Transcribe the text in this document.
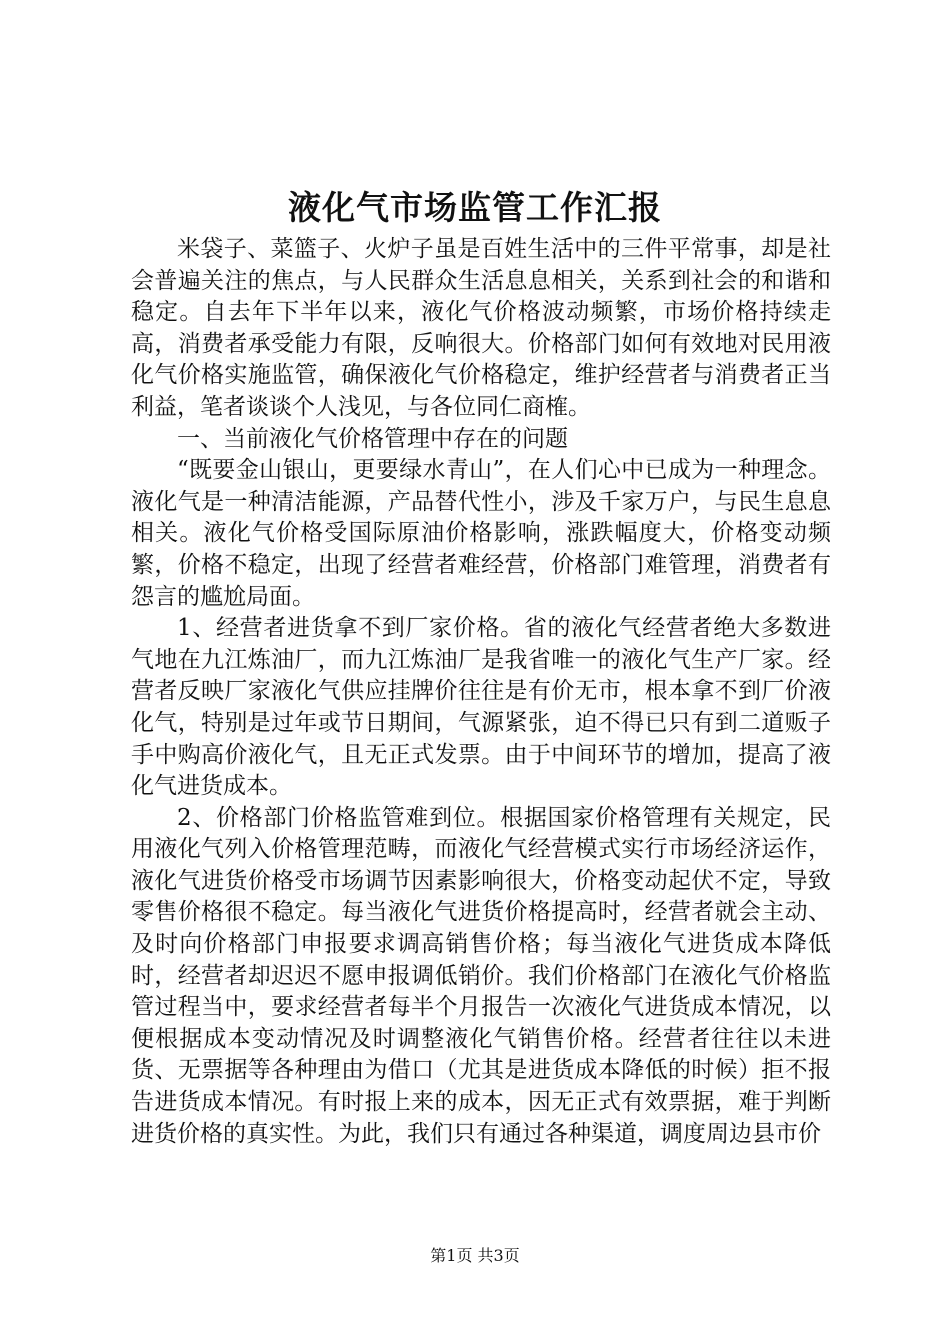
液化气市场监管工作汇报

米袋子、菜篮子、火炉子虽是百姓生活中的三件平常事，却是社会普遍关注的焦点，与人民群众生活息息相关，关系到社会的和谐和稳定。自去年下半年以来，液化气价格波动频繁，市场价格持续走高，消费者承受能力有限，反响很大。价格部门如何有效地对民用液化气价格实施监管，确保液化气价格稳定，维护经营者与消费者正当利益，笔者谈谈个人浅见，与各位同仁商榷。

一、当前液化气价格管理中存在的问题

“既要金山银山，更要绿水青山”，在人们心中已成为一种理念。液化气是一种清洁能源，产品替代性小，涉及千家万户，与民生息息相关。液化气价格受国际原油价格影响，涨跌幅度大，价格变动频繁，价格不稳定，出现了经营者难经营，价格部门难管理，消费者有怨言的尴尬局面。

1、经营者进货拿不到厂家价格。省的液化气经营者绝大多数进气地在九江炼油厂，而九江炼油厂是我省唯一的液化气生产厂家。经营者反映厂家液化气供应挂牌价往往是有价无市，根本拿不到厂价液化气，特别是过年或节日期间，气源紧张，迫不得已只有到二道贩子手中购高价液化气，且无正式发票。由于中间环节的增加，提高了液化气进货成本。

2、价格部门价格监管难到位。根据国家价格管理有关规定，民用液化气列入价格管理范畴，而液化气经营模式实行市场经济运作，液化气进货价格受市场调节因素影响很大，价格变动起伏不定，导致零售价格很不稳定。每当液化气进货价格提高时，经营者就会主动、及时向价格部门申报要求调高销售价格；每当液化气进货成本降低时，经营者却迟迟不愿申报调低销价。我们价格部门在液化气价格监管过程当中，要求经营者每半个月报告一次液化气进货成本情况，以便根据成本变动情况及时调整液化气销售价格。经营者往往以未进货、无票据等各种理由为借口（尤其是进货成本降低的时候）拒不报告进货成本情况。有时报上来的成本，因无正式有效票据，难于判断进货价格的真实性。为此，我们只有通过各种渠道，调度周边县市价

第1页 共3页
